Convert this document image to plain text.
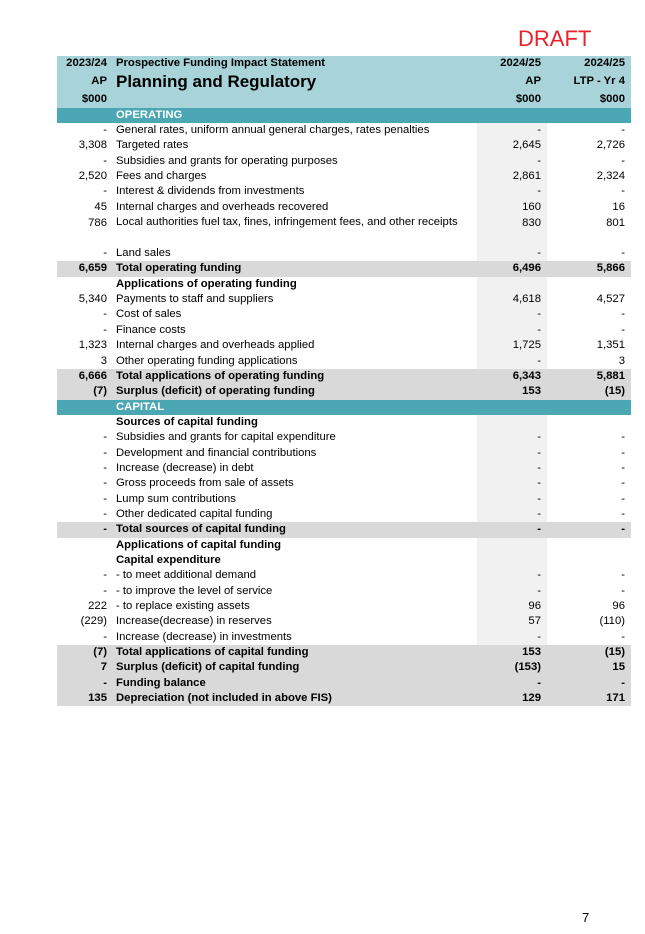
DRAFT
2023/24 Prospective Funding Impact Statement	2024/25	2024/25
AP Planning and Regulatory	AP	LTP - Yr 4
$000	$000	$000
OPERATING
- General rates, uniform annual general charges, rates penalties	-	-
3,308 Targeted rates	2,645	2,726
- Subsidies and grants for operating purposes	-	-
2,520 Fees and charges	2,861	2,324
- Interest & dividends from investments	-	-
45 Internal charges and overheads recovered	160	16
786 Local authorities fuel tax, fines, infringement fees, and other receipts	830	801
- Land sales	-	-
6,659 Total operating funding	6,496	5,866
Applications of operating funding
5,340 Payments to staff and suppliers	4,618	4,527
- Cost of sales	-	-
- Finance costs	-	-
1,323 Internal charges and overheads applied	1,725	1,351
3 Other operating funding applications	-	3
6,666 Total applications of operating funding	6,343	5,881
(7) Surplus (deficit) of operating funding	153	(15)
CAPITAL
Sources of capital funding
- Subsidies and grants for capital expenditure	-	-
- Development and financial contributions	-	-
- Increase (decrease) in debt	-	-
- Gross proceeds from sale of assets	-	-
- Lump sum contributions	-	-
- Other dedicated capital funding	-	-
- Total sources of capital funding	-	-
Applications of capital funding
Capital expenditure
- - to meet additional demand	-	-
- - to improve the level of service	-	-
222 - to replace existing assets	96	96
(229) Increase(decrease) in reserves	57	(110)
- Increase (decrease) in investments	-	-
(7) Total applications of capital funding	153	(15)
7 Surplus (deficit) of capital funding	(153)	15
- Funding balance	-	-
135 Depreciation (not included in above FIS)	129	171
7
